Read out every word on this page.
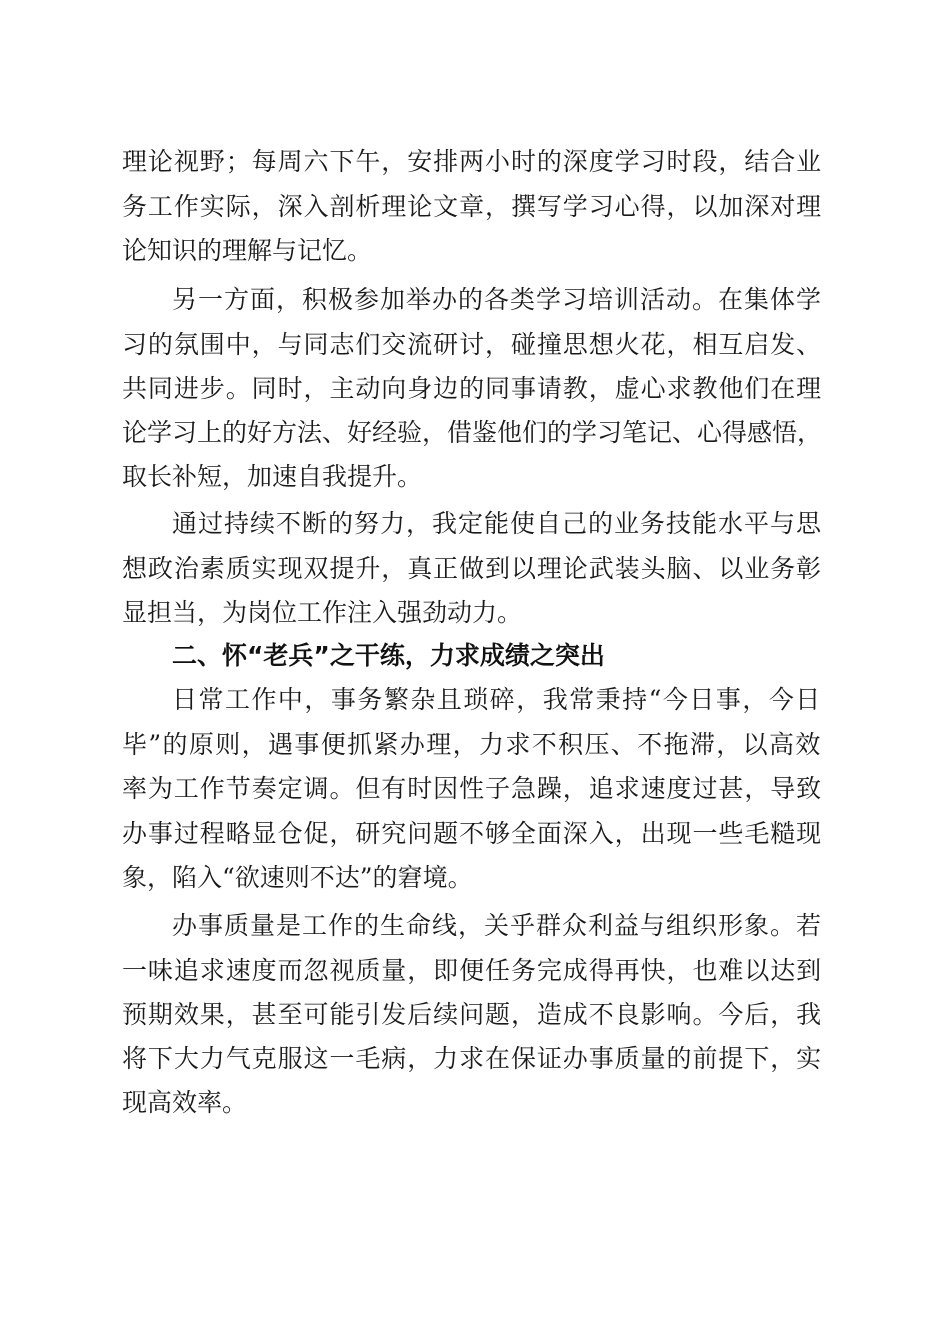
理论视野；每周六下午，安排两小时的深度学习时段，结合业
务工作实际，深入剖析理论文章，撰写学习心得，以加深对理
论知识的理解与记忆。
另一方面，积极参加举办的各类学习培训活动。在集体学
习的氛围中，与同志们交流研讨，碰撞思想火花，相互启发、
共同进步。同时，主动向身边的同事请教，虚心求教他们在理
论学习上的好方法、好经验，借鉴他们的学习笔记、心得感悟，
取长补短，加速自我提升。
通过持续不断的努力，我定能使自己的业务技能水平与思
想政治素质实现双提升，真正做到以理论武装头脑、以业务彰
显担当，为岗位工作注入强劲动力。
二、怀“老兵”之干练，力求成绩之突出
日常工作中，事务繁杂且琐碎，我常秉持“今日事，今日
毕”的原则，遇事便抓紧办理，力求不积压、不拖滞，以高效
率为工作节奏定调。但有时因性子急躁，追求速度过甚，导致
办事过程略显仓促，研究问题不够全面深入，出现一些毛糙现
象，陷入“欲速则不达”的窘境。
办事质量是工作的生命线，关乎群众利益与组织形象。若
一味追求速度而忽视质量，即便任务完成得再快，也难以达到
预期效果，甚至可能引发后续问题，造成不良影响。今后，我
将下大力气克服这一毛病，力求在保证办事质量的前提下，实
现高效率。
